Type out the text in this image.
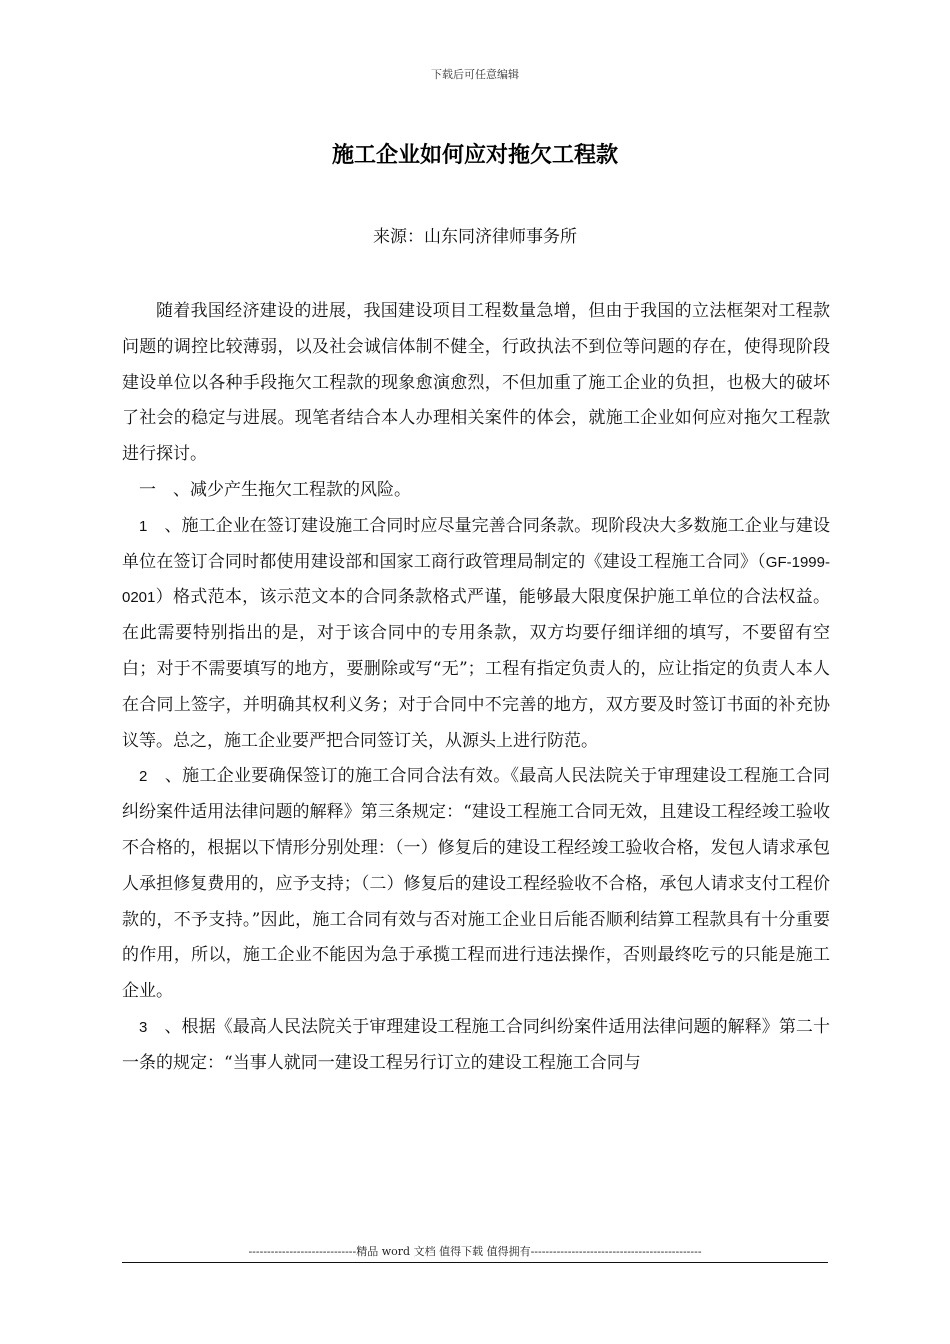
下载后可任意编辑
施工企业如何应对拖欠工程款
来源：山东同济律师事务所

随着我国经济建设的进展，我国建设项目工程数量急增，但由于我国的立法框架对工程款问题的调控比较薄弱，以及社会诚信体制不健全，行政执法不到位等问题的存在，使得现阶段建设单位以各种手段拖欠工程款的现象愈演愈烈，不但加重了施工企业的负担，也极大的破坏了社会的稳定与进展。现笔者结合本人办理相关案件的体会，就施工企业如何应对拖欠工程款进行探讨。

一　、减少产生拖欠工程款的风险。

1　、施工企业在签订建设施工合同时应尽量完善合同条款。现阶段决大多数施工企业与建设单位在签订合同时都使用建设部和国家工商行政管理局制定的《建设工程施工合同》（GF-1999-0201）格式范本，该示范文本的合同条款格式严谨，能够最大限度保护施工单位的合法权益。在此需要特别指出的是，对于该合同中的专用条款，双方均要仔细详细的填写，不要留有空白；对于不需要填写的地方，要删除或写“无”；工程有指定负责人的，应让指定的负责人本人在合同上签字，并明确其权利义务；对于合同中不完善的地方，双方要及时签订书面的补充协议等。总之，施工企业要严把合同签订关，从源头上进行防范。

2　、施工企业要确保签订的施工合同合法有效。《最高人民法院关于审理建设工程施工合同纠纷案件适用法律问题的解释》第三条规定：“建设工程施工合同无效，且建设工程经竣工验收不合格的，根据以下情形分别处理：（一）修复后的建设工程经竣工验收合格，发包人请求承包人承担修复费用的，应予支持；（二）修复后的建设工程经验收不合格，承包人请求支付工程价款的，不予支持。”因此，施工合同有效与否对施工企业日后能否顺利结算工程款具有十分重要的作用，所以，施工企业不能因为急于承揽工程而进行违法操作，否则最终吃亏的只能是施工企业。

3　、根据《最高人民法院关于审理建设工程施工合同纠纷案件适用法律问题的解释》第二十一条的规定：“当事人就同一建设工程另行订立的建设工程施工合同与

-----------------------------精品 word 文档 值得下载 值得拥有----------------------------------------------
